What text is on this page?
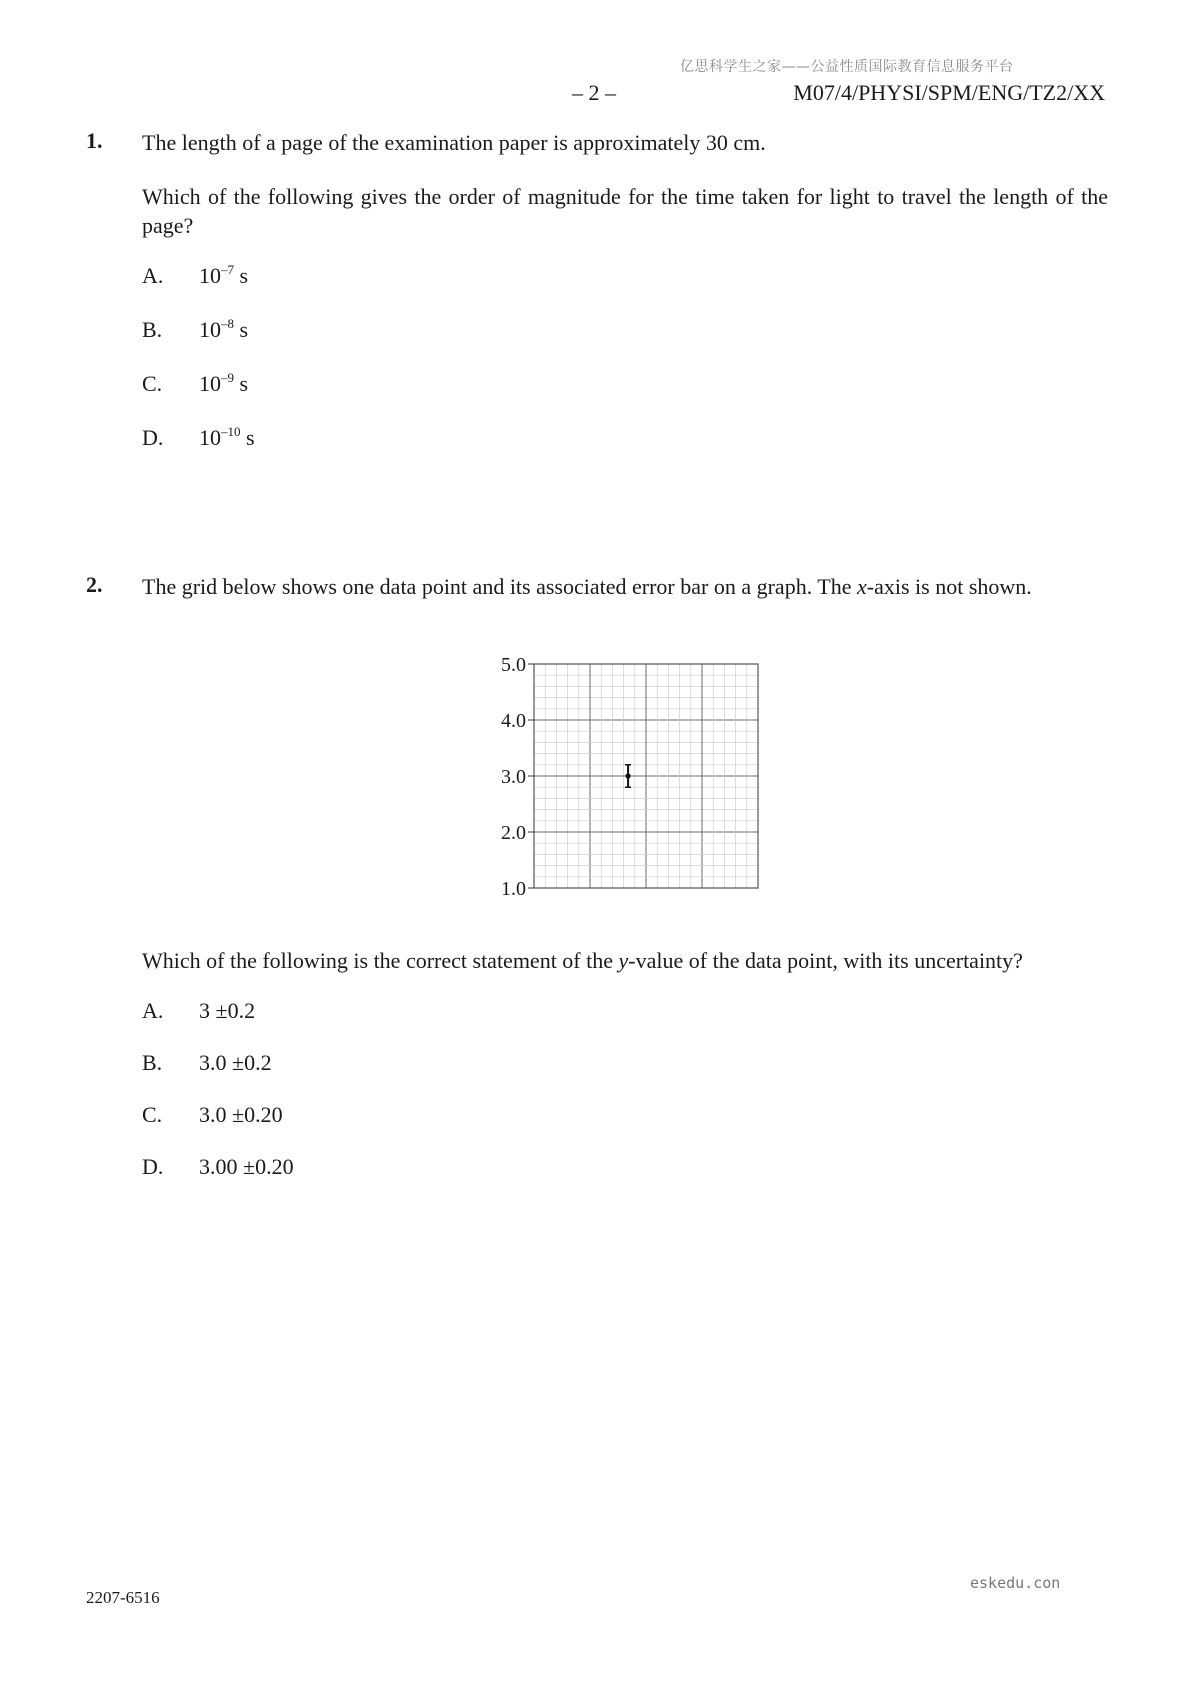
亿思科学生之家——公益性质国际教育信息服务平台
– 2 –	M07/4/PHYSI/SPM/ENG/TZ2/XX
1. The length of a page of the examination paper is approximately 30 cm.
Which of the following gives the order of magnitude for the time taken for light to travel the length of the page?
A. $10^{-7}$ s
B. $10^{-8}$ s
C. $10^{-9}$ s
D. $10^{-10}$ s
2. The grid below shows one data point and its associated error bar on a graph. The x-axis is not shown.
5.0
4.0
3.0
2.0
1.0
Which of the following is the correct statement of the y-value of the data point, with its uncertainty?
A. 3 ±0.2
B. 3.0 ±0.2
C. 3.0 ±0.20
D. 3.00 ±0.20
2207-6516
eskedu.con
